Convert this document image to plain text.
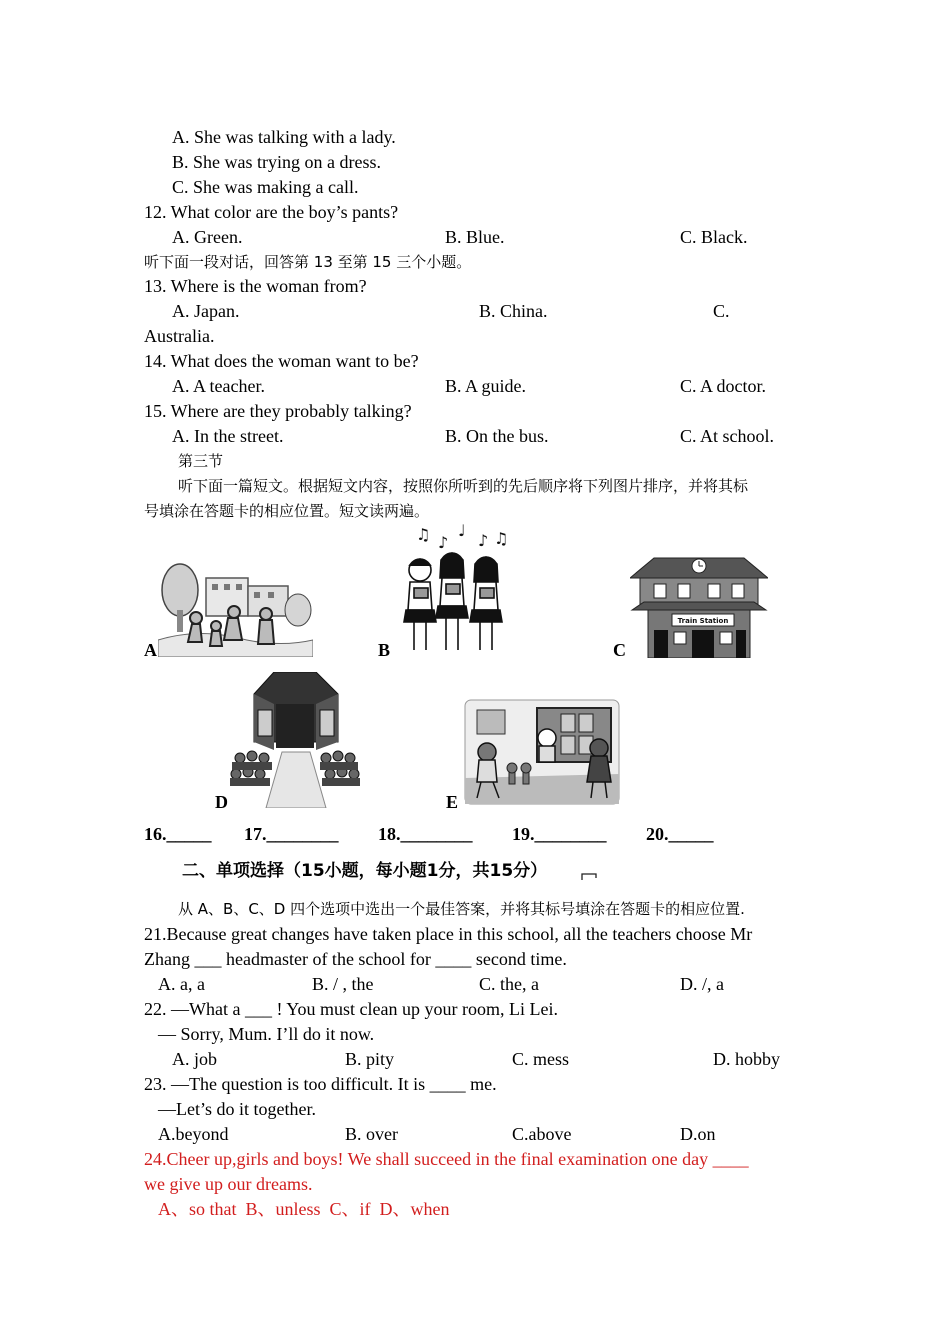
A. She was talking with a lady.
B. She was trying on a dress.
C. She was making a call.
12. What color are the boy’s pants?
A. Green.	B. Blue.	C. Black.
听下面一段对话，回答第 13 至第 15 三个小题。
13. Where is the woman from?
A. Japan.	B. China.	C.
Australia.
14. What does the woman want to be?
A. A teacher.	B. A guide.	C. A doctor.
15. Where are they probably talking?
A. In the street.	B. On the bus.	C. At school.
第三节
听下面一篇短文。根据短文内容，按照你所听到的先后顺序将下列图片排序，并将其标
号填涂在答题卡的相应位置。短文读两遍。
A
♫ ♪
♩
♪ ♫
B
Train Station
C
D	E
16._____ 17.________ 18.________ 19.________ 20._____
二、单项选择（15小题，每小题1分，共15分）
从 A、B、C、D 四个选项中选出一个最佳答案，并将其标号填涂在答题卡的相应位置.
21.Because great changes have taken place in this school, all the teachers choose Mr
Zhang ___ headmaster of the school for ____ second time.
A. a, a	B. / , the	C. the, a	D. /, a
22. —What a ___ ! You must clean up your room, Li Lei.
— Sorry, Mum. I’ll do it now.
A. job	B. pity	C. mess	D. hobby
23. —The question is too difficult. It is ____ me.
—Let’s do it together.
A.beyond	B. over	C.above	D.on
24.Cheer up,girls and boys! We shall succeed in the final examination one day ____
we give up our dreams.
A、so that  B、unless  C、if  D、when
